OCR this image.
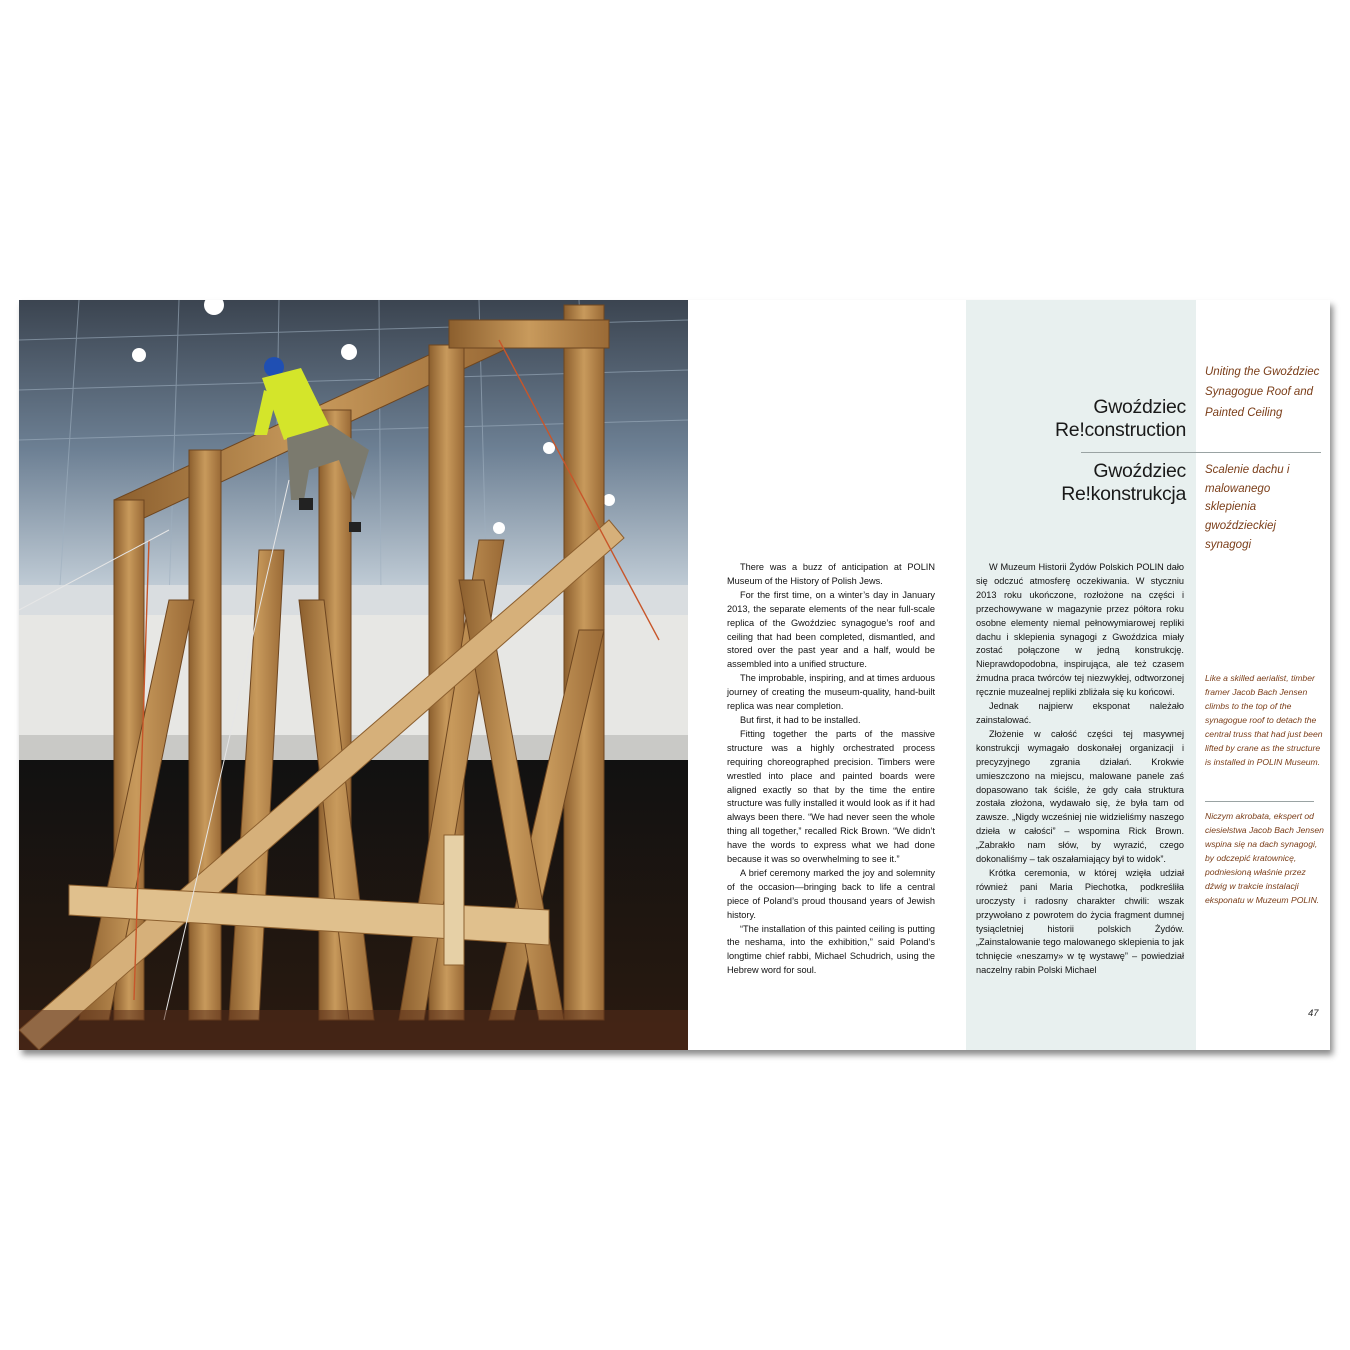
There was a buzz of anticipation at POLIN Museum of the History of Polish Jews.

For the first time, on a winter’s day in January 2013, the separate elements of the near full-scale replica of the Gwoździec synagogue’s roof and ceiling that had been completed, dismantled, and stored over the past year and a half, would be assembled into a unified structure.

The improbable, inspiring, and at times arduous journey of creating the museum-quality, hand-built replica was near completion.

But first, it had to be installed.

Fitting together the parts of the massive structure was a highly orchestrated process requiring choreographed precision. Timbers were wrestled into place and painted boards were aligned exactly so that by the time the entire structure was fully installed it would look as if it had always been there. “We had never seen the whole thing all together,” recalled Rick Brown. “We didn’t have the words to express what we had done because it was so overwhelming to see it.”

A brief ceremony marked the joy and solemnity of the occasion—bringing back to life a central piece of Poland’s proud thousand years of Jewish history.

“The installation of this painted ceiling is putting the neshama, into the exhibition,” said Poland’s longtime chief rabbi, Michael Schudrich, using the Hebrew word for soul.

Gwoździec
Re!construction
Gwoździec
Re!konstrukcja

W Muzeum Historii Żydów Polskich POLIN dało się odczuć atmosferę oczekiwania. W styczniu 2013 roku ukończone, rozłożone na części i przechowywane w magazynie przez półtora roku osobne elementy niemal pełnowymiarowej repliki dachu i sklepienia synagogi z Gwoździca miały zostać połączone w jedną konstrukcję. Nieprawdopodobna, inspirująca, ale też czasem żmudna praca twórców tej niezwykłej, odtworzonej ręcznie muzealnej repliki zbliżała się ku końcowi.

Jednak najpierw eksponat należało zainstalować.

Złożenie w całość części tej masywnej konstrukcji wymagało doskonałej organizacji i precyzyjnego zgrania działań. Krokwie umieszczono na miejscu, malowane panele zaś dopasowano tak ściśle, że gdy cała struktura została złożona, wydawało się, że była tam od zawsze. „Nigdy wcześniej nie widzieliśmy naszego dzieła w całości” – wspomina Rick Brown. „Zabrakło nam słów, by wyrazić, czego dokonaliśmy – tak oszałamiający był to widok”.

Krótka ceremonia, w której wzięła udział również pani Maria Piechotka, podkreśliła uroczysty i radosny charakter chwili: wszak przywołano z powrotem do życia fragment dumnej tysiącletniej historii polskich Żydów. „Zainstalowanie tego malowanego sklepienia to jak tchnięcie «neszamy» w tę wystawę” – powiedział naczelny rabin Polski Michael

Uniting the Gwoździec Synagogue Roof and Painted Ceiling
Scalenie dachu i malowanego sklepienia gwoździeckiej synagogi
Like a skilled aerialist, timber framer Jacob Bach Jensen climbs to the top of the synagogue roof to detach the central truss that had just been lifted by crane as the structure is installed in POLIN Museum.
Niczym akrobata, ekspert od ciesielstwa Jacob Bach Jensen wspina się na dach synagogi, by odczepić kratownicę, podniesioną właśnie przez dźwig w trakcie instalacji eksponatu w Muzeum POLIN.
47
